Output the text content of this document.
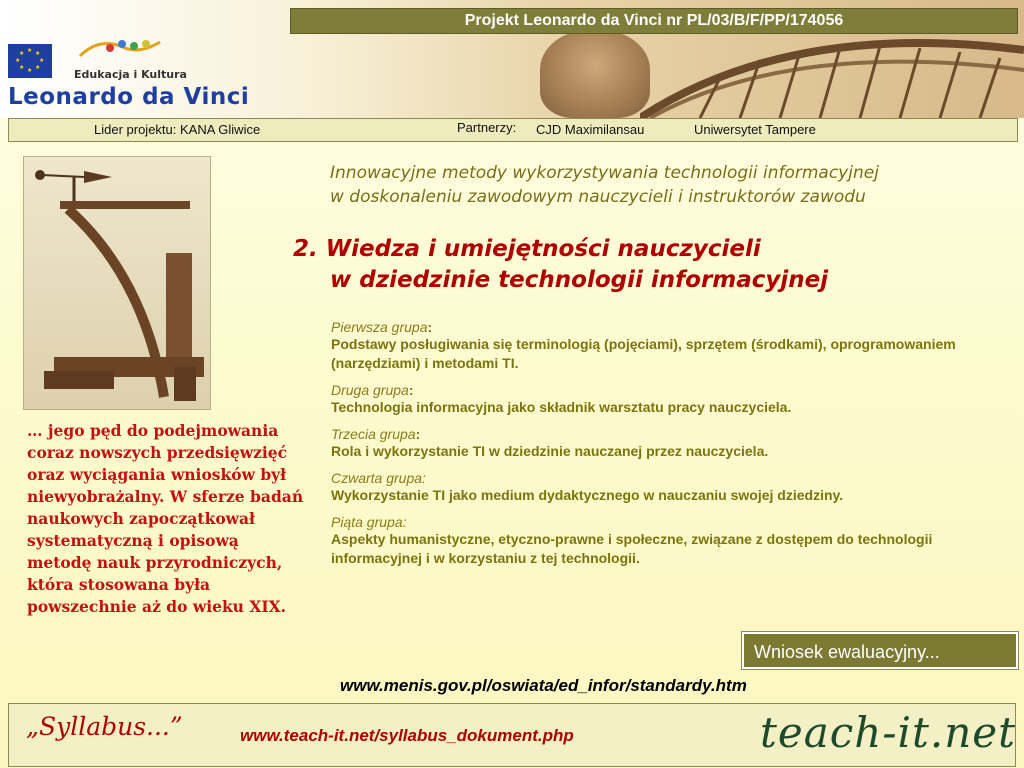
★ ★
★
★
★
★
★
★
Edukacja i Kultura
Leonardo da Vinci
Projekt Leonardo da Vinci nr PL/03/B/F/PP/174056
Lider projektu: KANA Gliwice	Partnerzy: CJD Maximilansau	Uniwersytet Tampere
… jego pęd do podejmowania coraz nowszych przedsięwzięć oraz wyciągania wniosków był niewyobrażalny. W sferze badań naukowych zapoczątkował systematyczną i opisową metodę nauk przyrodniczych, która stosowana była powszechnie aż do wieku XIX.
Innowacyjne metody wykorzystywania technologii informacyjnej
w doskonaleniu zawodowym nauczycieli i instruktorów zawodu
2. Wiedza i umiejętności nauczycieli
w dziedzinie technologii informacyjnej
Pierwsza grupa:
Podstawy posługiwania się terminologią (pojęciami), sprzętem (środkami), oprogramowaniem (narzędziami) i metodami TI.
Druga grupa:
Technologia informacyjna jako składnik warsztatu pracy nauczyciela.
Trzecia grupa:
Rola i wykorzystanie TI w dziedzinie nauczanej przez nauczyciela.
Czwarta grupa:
Wykorzystanie TI jako medium dydaktycznego w nauczaniu swojej dziedziny.
Piąta grupa:
Aspekty humanistyczne, etyczno-prawne i społeczne, związane z dostępem do technologii informacyjnej i w korzystaniu z tej technologii.
Wniosek ewaluacyjny...
www.menis.gov.pl/oswiata/ed_infor/standardy.htm
„Syllabus...”	www.teach-it.net/syllabus_dokument.php	teach-it.net
